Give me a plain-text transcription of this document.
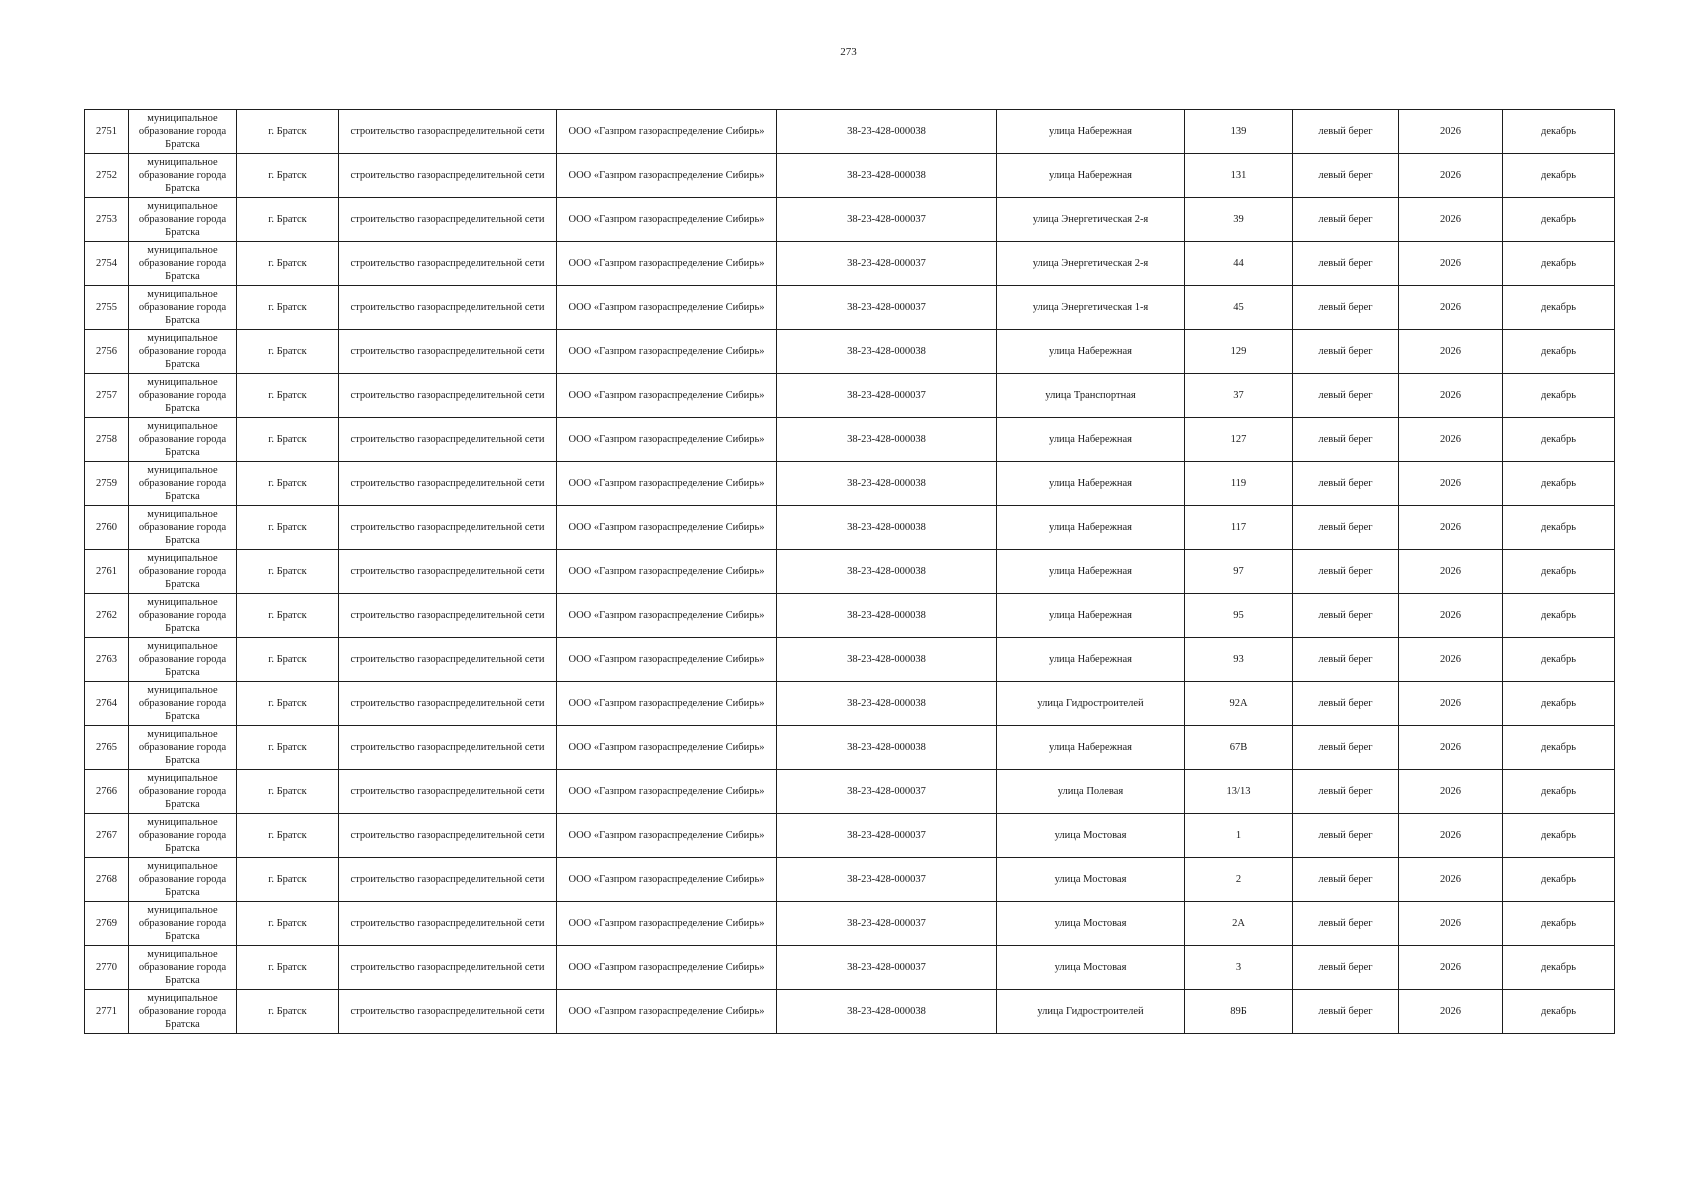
273
2751	муниципальное образование города Братска	г. Братск	строительство газораспределительной сети	ООО «Газпром газораспределение Сибирь»	38-23-428-000038	улица Набережная	139	левый берег	2026	декабрь
2752	муниципальное образование города Братска	г. Братск	строительство газораспределительной сети	ООО «Газпром газораспределение Сибирь»	38-23-428-000038	улица Набережная	131	левый берег	2026	декабрь
2753	муниципальное образование города Братска	г. Братск	строительство газораспределительной сети	ООО «Газпром газораспределение Сибирь»	38-23-428-000037	улица Энергетическая 2-я	39	левый берег	2026	декабрь
2754	муниципальное образование города Братска	г. Братск	строительство газораспределительной сети	ООО «Газпром газораспределение Сибирь»	38-23-428-000037	улица Энергетическая 2-я	44	левый берег	2026	декабрь
2755	муниципальное образование города Братска	г. Братск	строительство газораспределительной сети	ООО «Газпром газораспределение Сибирь»	38-23-428-000037	улица Энергетическая 1-я	45	левый берег	2026	декабрь
2756	муниципальное образование города Братска	г. Братск	строительство газораспределительной сети	ООО «Газпром газораспределение Сибирь»	38-23-428-000038	улица Набережная	129	левый берег	2026	декабрь
2757	муниципальное образование города Братска	г. Братск	строительство газораспределительной сети	ООО «Газпром газораспределение Сибирь»	38-23-428-000037	улица Транспортная	37	левый берег	2026	декабрь
2758	муниципальное образование города Братска	г. Братск	строительство газораспределительной сети	ООО «Газпром газораспределение Сибирь»	38-23-428-000038	улица Набережная	127	левый берег	2026	декабрь
2759	муниципальное образование города Братска	г. Братск	строительство газораспределительной сети	ООО «Газпром газораспределение Сибирь»	38-23-428-000038	улица Набережная	119	левый берег	2026	декабрь
2760	муниципальное образование города Братска	г. Братск	строительство газораспределительной сети	ООО «Газпром газораспределение Сибирь»	38-23-428-000038	улица Набережная	117	левый берег	2026	декабрь
2761	муниципальное образование города Братска	г. Братск	строительство газораспределительной сети	ООО «Газпром газораспределение Сибирь»	38-23-428-000038	улица Набережная	97	левый берег	2026	декабрь
2762	муниципальное образование города Братска	г. Братск	строительство газораспределительной сети	ООО «Газпром газораспределение Сибирь»	38-23-428-000038	улица Набережная	95	левый берег	2026	декабрь
2763	муниципальное образование города Братска	г. Братск	строительство газораспределительной сети	ООО «Газпром газораспределение Сибирь»	38-23-428-000038	улица Набережная	93	левый берег	2026	декабрь
2764	муниципальное образование города Братска	г. Братск	строительство газораспределительной сети	ООО «Газпром газораспределение Сибирь»	38-23-428-000038	улица Гидростроителей	92А	левый берег	2026	декабрь
2765	муниципальное образование города Братска	г. Братск	строительство газораспределительной сети	ООО «Газпром газораспределение Сибирь»	38-23-428-000038	улица Набережная	67В	левый берег	2026	декабрь
2766	муниципальное образование города Братска	г. Братск	строительство газораспределительной сети	ООО «Газпром газораспределение Сибирь»	38-23-428-000037	улица Полевая	13/13	левый берег	2026	декабрь
2767	муниципальное образование города Братска	г. Братск	строительство газораспределительной сети	ООО «Газпром газораспределение Сибирь»	38-23-428-000037	улица Мостовая	1	левый берег	2026	декабрь
2768	муниципальное образование города Братска	г. Братск	строительство газораспределительной сети	ООО «Газпром газораспределение Сибирь»	38-23-428-000037	улица Мостовая	2	левый берег	2026	декабрь
2769	муниципальное образование города Братска	г. Братск	строительство газораспределительной сети	ООО «Газпром газораспределение Сибирь»	38-23-428-000037	улица Мостовая	2А	левый берег	2026	декабрь
2770	муниципальное образование города Братска	г. Братск	строительство газораспределительной сети	ООО «Газпром газораспределение Сибирь»	38-23-428-000037	улица Мостовая	3	левый берег	2026	декабрь
2771	муниципальное образование города Братска	г. Братск	строительство газораспределительной сети	ООО «Газпром газораспределение Сибирь»	38-23-428-000038	улица Гидростроителей	89Б	левый берег	2026	декабрь
